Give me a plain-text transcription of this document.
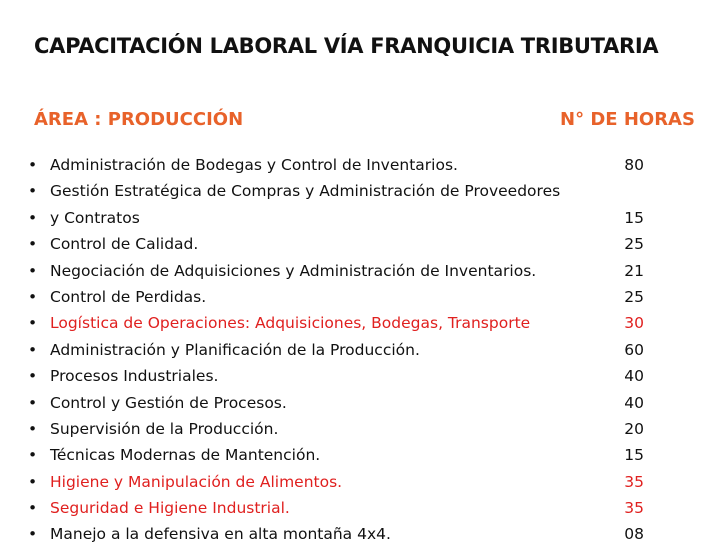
CAPACITACIÓN LABORAL VÍA FRANQUICIA TRIBUTARIA
ÁREA : PRODUCCIÓN	N° DE HORAS
• Administración de Bodegas y Control de Inventarios.	80
• Gestión Estratégica de Compras y Administración de Proveedores
• y Contratos	15
• Control de Calidad.	25
• Negociación de Adquisiciones y Administración de Inventarios.	21
• Control de Perdidas.	25
• Logística de Operaciones: Adquisiciones, Bodegas, Transporte	30
• Administración y Planificación de la Producción.	60
• Procesos Industriales.	40
• Control y Gestión de Procesos.	40
• Supervisión de la Producción.	20
• Técnicas Modernas de Mantención.	15
• Higiene y Manipulación de Alimentos.	35
• Seguridad e Higiene Industrial.	35
• Manejo a la defensiva en alta montaña 4x4.	08
